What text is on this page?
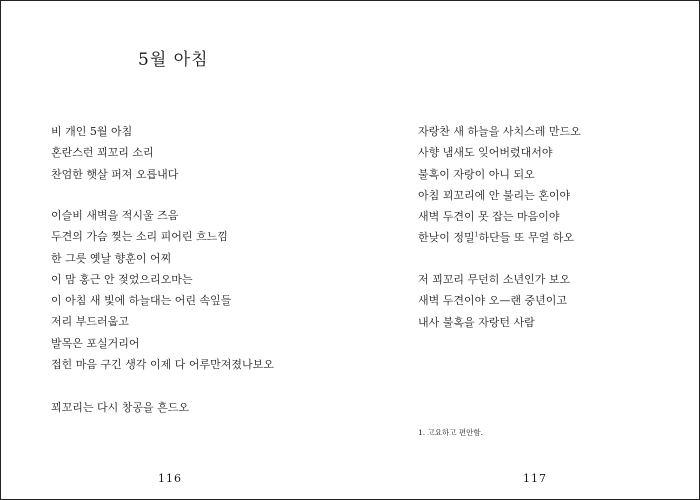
5월 아침
비 개인 5월 아침
혼란스런 꾀꼬리 소리
찬엄한 햇살 퍼져 오릅내다
이슬비 새벽을 적시울 즈음
두견의 가슴 찢는 소리 피어린 흐느낌
한 그릇 옛날 향훈이 어찌
이 맘 홍근 안 젖었으리오마는
이 아침 새 빛에 하늘대는 어린 속잎들
저리 부드러웁고
발목은 포실거리어
접힌 마음 구긴 생각 이제 다 어루만져졌나보오
꾀꼬리는 다시 창공을 흔드오

116

자랑찬 새 하늘을 사치스레 만드오
사향 냄새도 잊어버렸대서야
불혹이 자랑이 아니 되오
아침 꾀꼬리에 안 불리는 혼이야
새벽 두견이 못 잡는 마음이야
한낮이 정밀$^1$하단들 또 무얼 하오
저 꾀꼬리 무던히 소년인가 보오
새벽 두견이야 오—랜 중년이고
내사 불혹을 자랑턴 사람

1. 고요하고 편안함.

117
